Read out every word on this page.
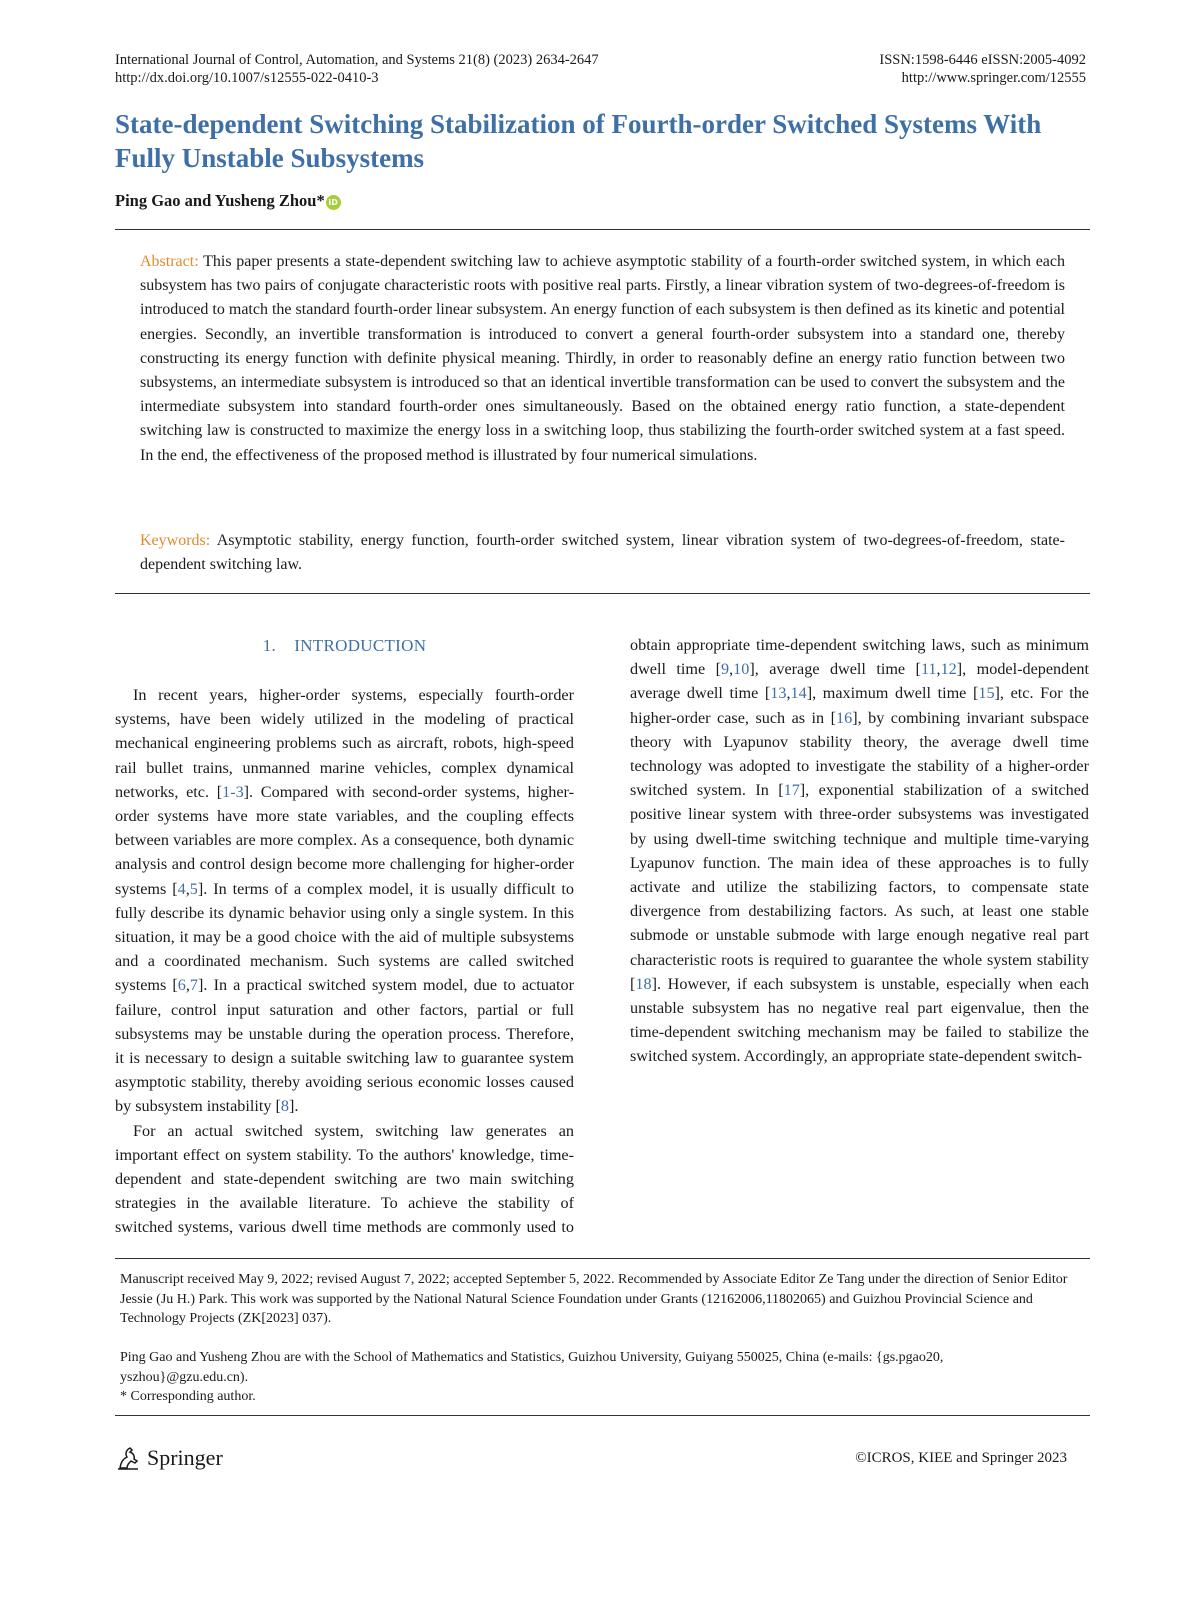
International Journal of Control, Automation, and Systems 21(8) (2023) 2634-2647
http://dx.doi.org/10.1007/s12555-022-0410-3
ISSN:1598-6446 eISSN:2005-4092
http://www.springer.com/12555
State-dependent Switching Stabilization of Fourth-order Switched Systems With Fully Unstable Subsystems
Ping Gao and Yusheng Zhou* iD

Abstract: This paper presents a state-dependent switching law to achieve asymptotic stability of a fourth-order switched system, in which each subsystem has two pairs of conjugate characteristic roots with positive real parts. Firstly, a linear vibration system of two-degrees-of-freedom is introduced to match the standard fourth-order linear subsystem. An energy function of each subsystem is then defined as its kinetic and potential energies. Secondly, an invertible transformation is introduced to convert a general fourth-order subsystem into a standard one, thereby constructing its energy function with definite physical meaning. Thirdly, in order to reasonably define an energy ratio function between two subsystems, an intermediate subsystem is introduced so that an identical invertible transformation can be used to convert the subsystem and the intermediate subsystem into standard fourth-order ones simultaneously. Based on the obtained energy ratio function, a state-dependent switching law is constructed to maximize the energy loss in a switching loop, thus stabilizing the fourth-order switched system at a fast speed. In the end, the effectiveness of the proposed method is illustrated by four numerical simulations.

Keywords: Asymptotic stability, energy function, fourth-order switched system, linear vibration system of two-degrees-of-freedom, state-dependent switching law.

1. INTRODUCTION

In recent years, higher-order systems, especially fourth-order systems, have been widely utilized in the modeling of practical mechanical engineering problems such as aircraft, robots, high-speed rail bullet trains, unmanned marine vehicles, complex dynamical networks, etc. [1-3]. Compared with second-order systems, higher-order systems have more state variables, and the coupling effects between variables are more complex. As a consequence, both dynamic analysis and control design become more challenging for higher-order systems [4,5]. In terms of a complex model, it is usually difficult to fully describe its dynamic behavior using only a single system. In this situation, it may be a good choice with the aid of multiple subsystems and a coordinated mechanism. Such systems are called switched systems [6,7]. In a practical switched system model, due to actuator failure, control input saturation and other factors, partial or full subsystems may be unstable during the operation process. Therefore, it is necessary to design a suitable switching law to guarantee system asymptotic stability, thereby avoiding serious economic losses caused by subsystem instability [8].

For an actual switched system, switching law generates an important effect on system stability. To the authors' knowledge, time-dependent and state-dependent switching are two main switching strategies in the available literature. To achieve the stability of switched systems, various dwell time methods are commonly used to

obtain appropriate time-dependent switching laws, such as minimum dwell time [9,10], average dwell time [11,12], model-dependent average dwell time [13,14], maximum dwell time [15], etc. For the higher-order case, such as in [16], by combining invariant subspace theory with Lyapunov stability theory, the average dwell time technology was adopted to investigate the stability of a higher-order switched system. In [17], exponential stabilization of a switched positive linear system with three-order subsystems was investigated by using dwell-time switching technique and multiple time-varying Lyapunov function. The main idea of these approaches is to fully activate and utilize the stabilizing factors, to compensate state divergence from destabilizing factors. As such, at least one stable submode or unstable submode with large enough negative real part characteristic roots is required to guarantee the whole system stability [18]. However, if each subsystem is unstable, especially when each unstable subsystem has no negative real part eigenvalue, then the time-dependent switching mechanism may be failed to stabilize the switched system. Accordingly, an appropriate state-dependent switch-

Manuscript received May 9, 2022; revised August 7, 2022; accepted September 5, 2022. Recommended by Associate Editor Ze Tang under the direction of Senior Editor Jessie (Ju H.) Park. This work was supported by the National Natural Science Foundation under Grants (12162006,11802065) and Guizhou Provincial Science and Technology Projects (ZK[2023] 037).

Ping Gao and Yusheng Zhou are with the School of Mathematics and Statistics, Guizhou University, Guiyang 550025, China (e-mails: {gs.pgao20, yszhou}@gzu.edu.cn).

* Corresponding author.

Springer	©ICROS, KIEE and Springer 2023
